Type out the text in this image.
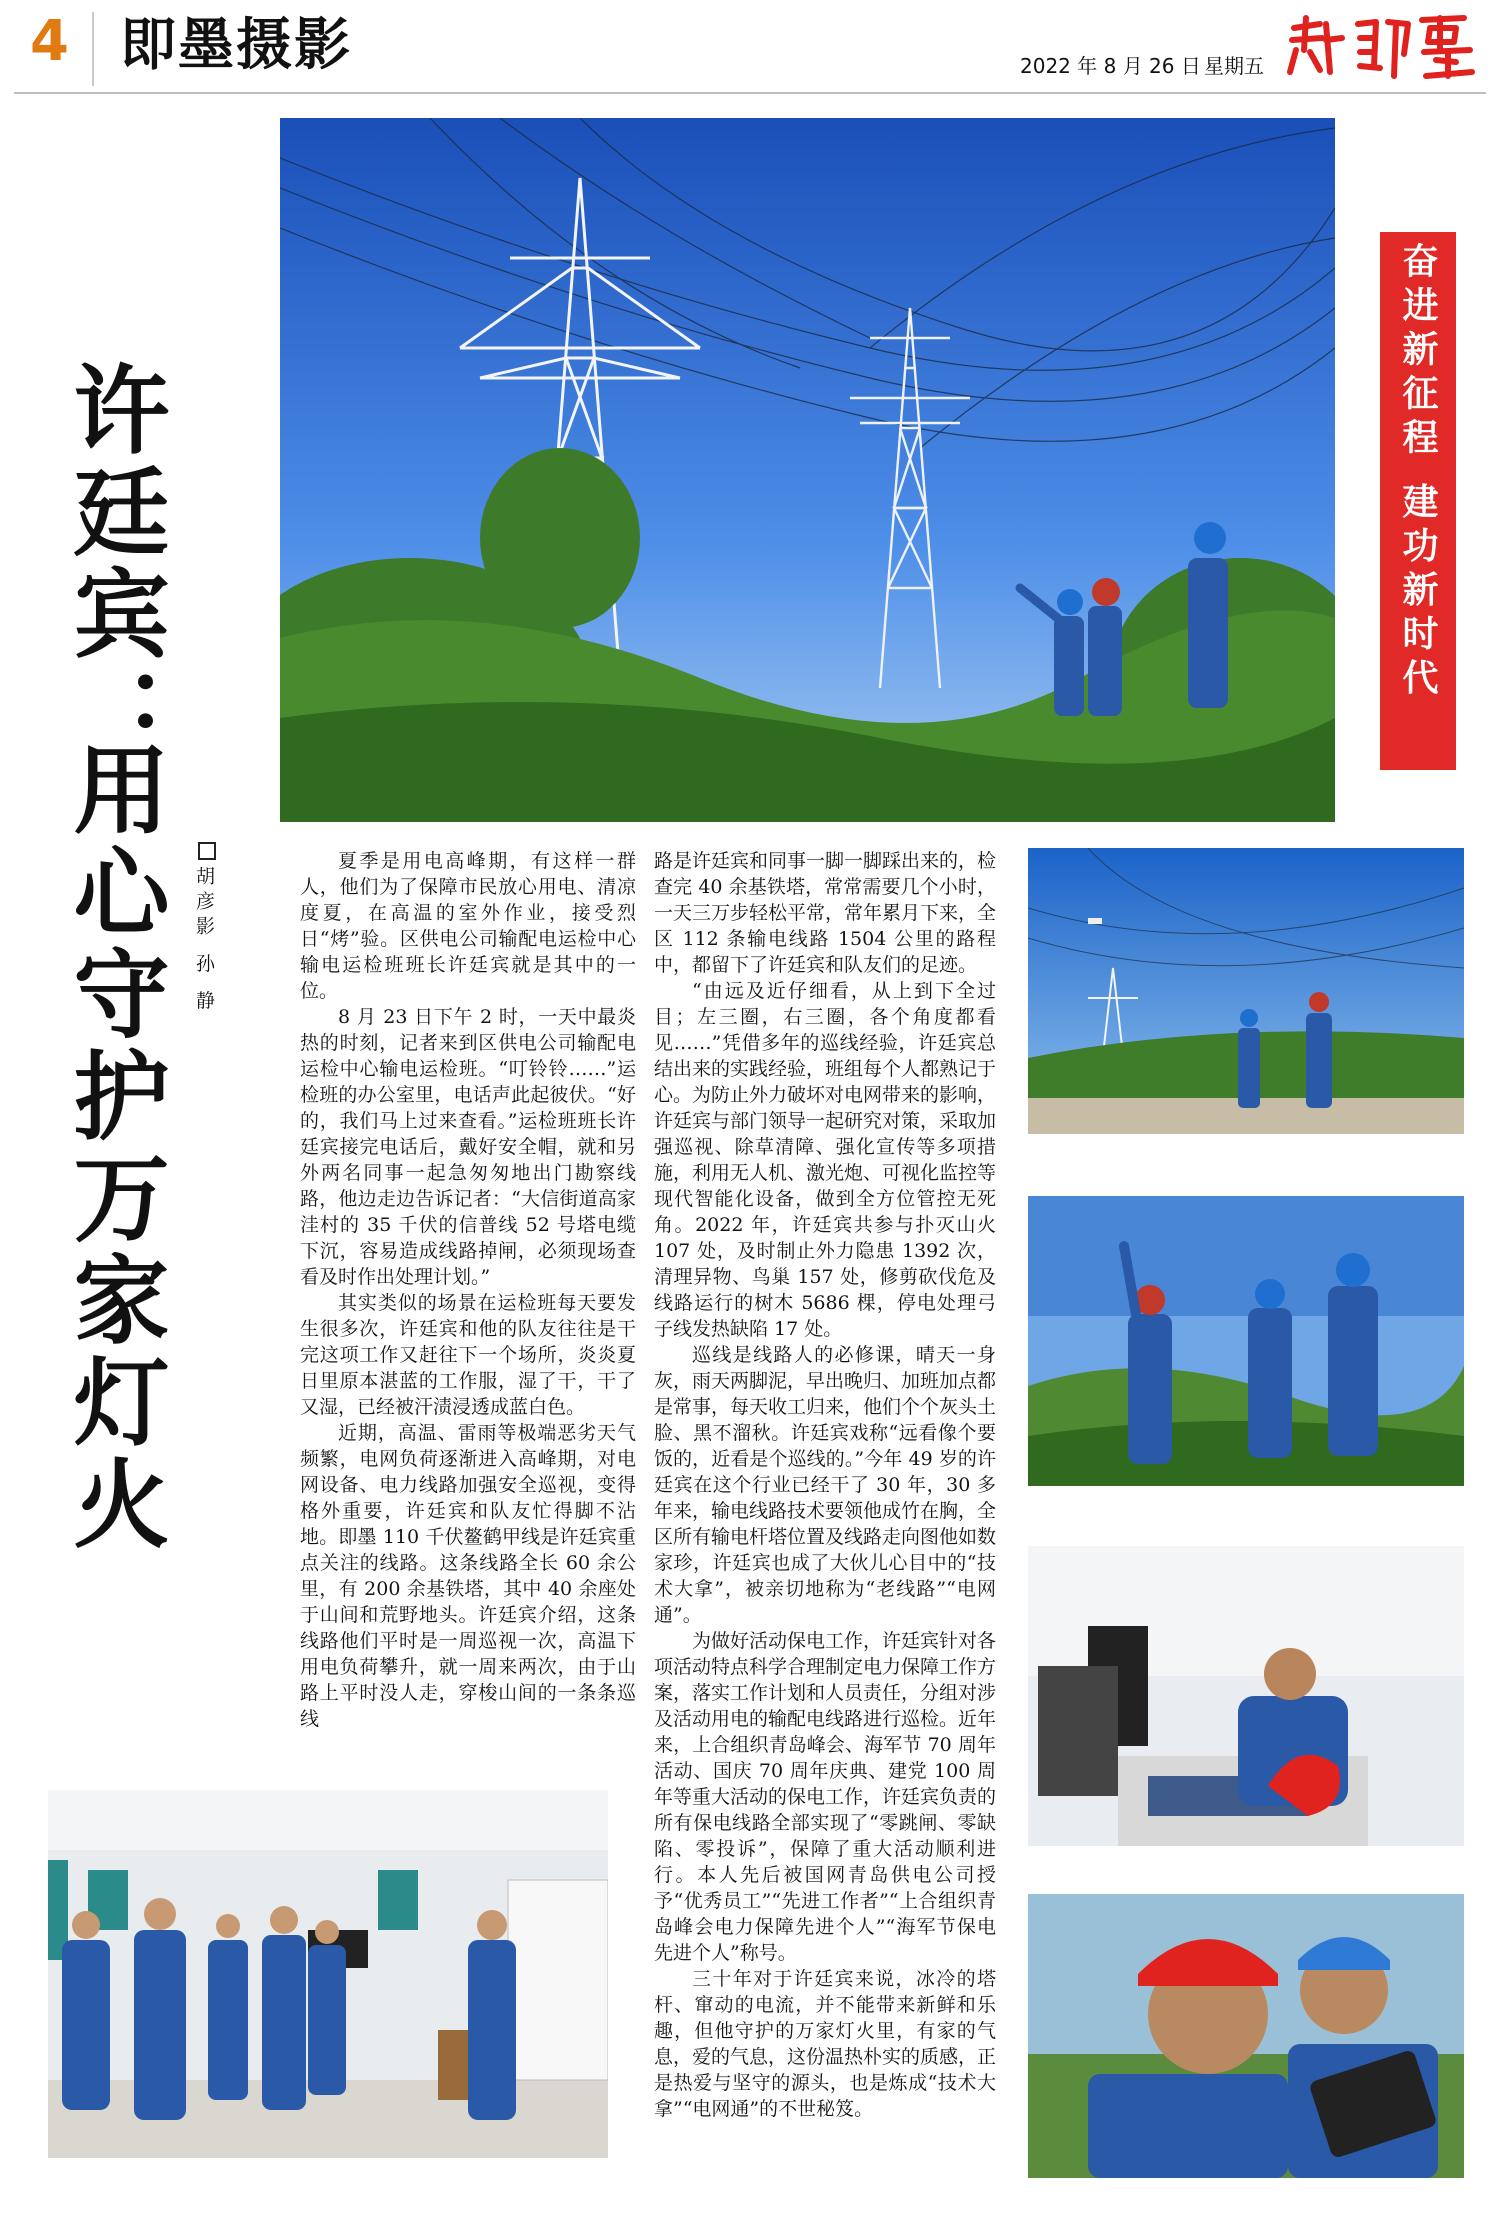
4 即墨摄影	2022 年 8 月 26 日 星期五
许廷宾：
用心守护万家灯火 胡彦影 孙 静
奋进新征程 建功新时代

夏季是用电高峰期，有这样一群人，他们为了保障市民放心用电、清凉度夏，在高温的室外作业，接受烈日“烤”验。区供电公司输配电运检中心输电运检班班长许廷宾就是其中的一位。

8 月 23 日下午 2 时，一天中最炎热的时刻，记者来到区供电公司输配电运检中心输电运检班。“叮铃铃……”运检班的办公室里，电话声此起彼伏。“好的，我们马上过来查看。”运检班班长许廷宾接完电话后，戴好安全帽，就和另外两名同事一起急匆匆地出门勘察线路，他边走边告诉记者：“大信街道高家洼村的 35 千伏的信普线 52 号塔电缆下沉，容易造成线路掉闸，必须现场查看及时作出处理计划。”

其实类似的场景在运检班每天要发生很多次，许廷宾和他的队友往往是干完这项工作又赶往下一个场所，炎炎夏日里原本湛蓝的工作服，湿了干，干了又湿，已经被汗渍浸透成蓝白色。

近期，高温、雷雨等极端恶劣天气频繁，电网负荷逐渐进入高峰期，对电网设备、电力线路加强安全巡视，变得格外重要，许廷宾和队友忙得脚不沾地。即墨 110 千伏鳌鹤甲线是许廷宾重点关注的线路。这条线路全长 60 余公里，有 200 余基铁塔，其中 40 余座处于山间和荒野地头。许廷宾介绍，这条线路他们平时是一周巡视一次，高温下用电负荷攀升，就一周来两次，由于山路上平时没人走，穿梭山间的一条条巡线

路是许廷宾和同事一脚一脚踩出来的，检查完 40 余基铁塔，常常需要几个小时，一天三万步轻松平常，常年累月下来，全区 112 条输电线路 1504 公里的路程中，都留下了许廷宾和队友们的足迹。

“由远及近仔细看，从上到下全过目；左三圈，右三圈，各个角度都看见……”凭借多年的巡线经验，许廷宾总结出来的实践经验，班组每个人都熟记于心。为防止外力破坏对电网带来的影响，许廷宾与部门领导一起研究对策，采取加强巡视、除草清障、强化宣传等多项措施，利用无人机、激光炮、可视化监控等现代智能化设备，做到全方位管控无死角。2022 年，许廷宾共参与扑灭山火 107 处，及时制止外力隐患 1392 次，清理异物、鸟巢 157 处，修剪砍伐危及线路运行的树木 5686 棵，停电处理弓子线发热缺陷 17 处。

巡线是线路人的必修课，晴天一身灰，雨天两脚泥，早出晚归、加班加点都是常事，每天收工归来，他们个个灰头土脸、黑不溜秋。许廷宾戏称“远看像个要饭的，近看是个巡线的。”今年 49 岁的许廷宾在这个行业已经干了 30 年，30 多年来，输电线路技术要领他成竹在胸，全区所有输电杆塔位置及线路走向图他如数家珍，许廷宾也成了大伙儿心目中的“技术大拿”，被亲切地称为“老线路”“电网通”。

为做好活动保电工作，许廷宾针对各项活动特点科学合理制定电力保障工作方案，落实工作计划和人员责任，分组对涉及活动用电的输配电线路进行巡检。近年来，上合组织青岛峰会、海军节 70 周年活动、国庆 70 周年庆典、建党 100 周年等重大活动的保电工作，许廷宾负责的所有保电线路全部实现了“零跳闸、零缺陷、零投诉”，保障了重大活动顺利进行。本人先后被国网青岛供电公司授予“优秀员工”“先进工作者”“上合组织青岛峰会电力保障先进个人”“海军节保电先进个人”称号。

三十年对于许廷宾来说，冰冷的塔杆、窜动的电流，并不能带来新鲜和乐趣，但他守护的万家灯火里，有家的气息，爱的气息，这份温热朴实的质感，正是热爱与坚守的源头，也是炼成“技术大拿”“电网通”的不世秘笈。
